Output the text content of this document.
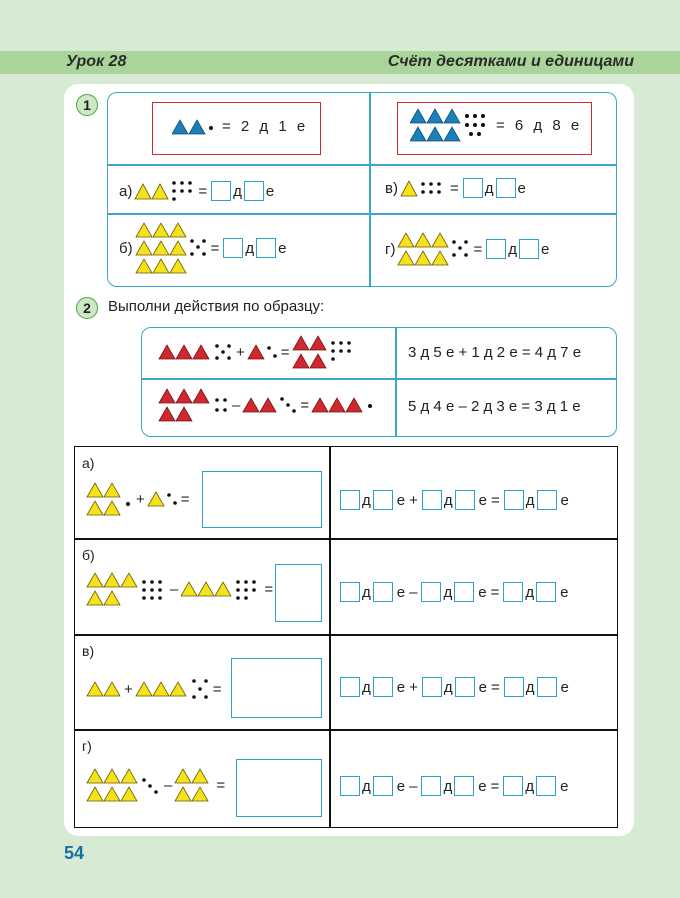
Урок 28	Счёт десятками и единицами
1
= 2 д 1 е	= 6 д 8 е
а)	= д е	в)	= д е
б)	= д е	г)	= д е
2	Выполни действия по образцу:
+ =	3 д 5 е + 1 д 2 е = 4 д 7 е
–	=	5 д 4 е – 2 д 3 е = 3 д 1 е
а)
+ =	д е + д е = д е
б)
–	=	д е – д е = д е
в)
+	=	д е + д е = д е
г)
–	=	д е – д е = д е
54
